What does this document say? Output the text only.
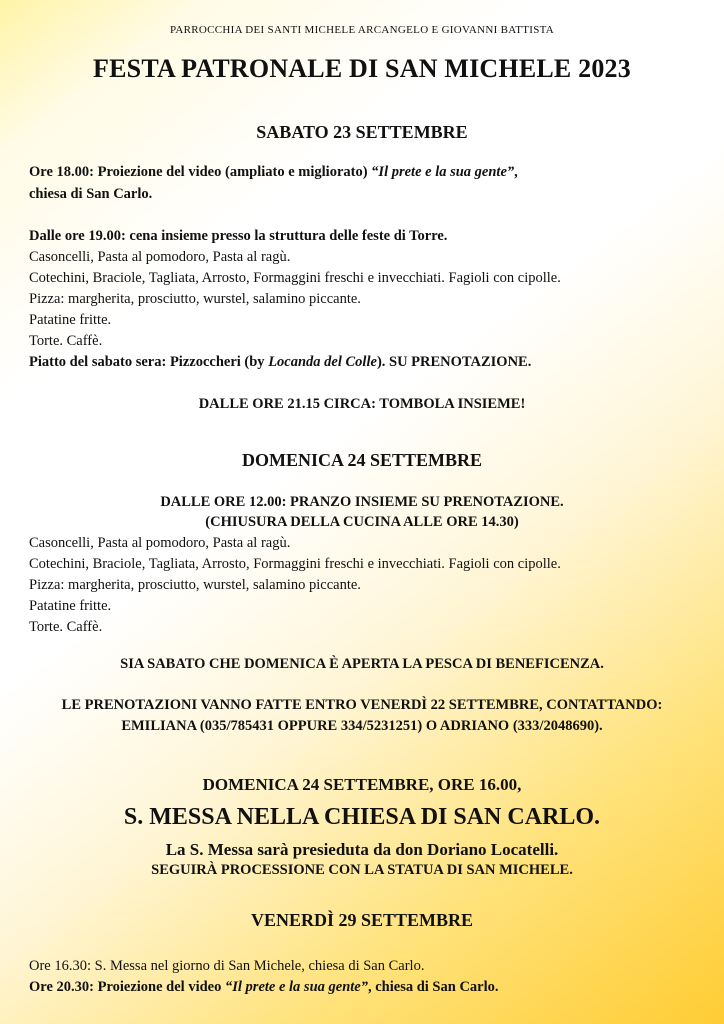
PARROCCHIA DEI SANTI MICHELE ARCANGELO E GIOVANNI BATTISTA
FESTA PATRONALE DI SAN MICHELE 2023
SABATO 23 SETTEMBRE
Ore 18.00: Proiezione del video (ampliato e migliorato) “Il prete e la sua gente”,
chiesa di San Carlo.
Dalle ore 19.00: cena insieme presso la struttura delle feste di Torre.
Casoncelli, Pasta al pomodoro, Pasta al ragù.
Cotechini, Braciole, Tagliata, Arrosto, Formaggini freschi e invecchiati. Fagioli con cipolle.
Pizza: margherita, prosciutto, wurstel, salamino piccante.
Patatine fritte.
Torte. Caffè.
Piatto del sabato sera: Pizzoccheri (by Locanda del Colle). SU PRENOTAZIONE.
DALLE ORE 21.15 CIRCA: TOMBOLA INSIEME!
DOMENICA 24 SETTEMBRE
DALLE ORE 12.00: PRANZO INSIEME SU PRENOTAZIONE.
(CHIUSURA DELLA CUCINA ALLE ORE 14.30)
Casoncelli, Pasta al pomodoro, Pasta al ragù.
Cotechini, Braciole, Tagliata, Arrosto, Formaggini freschi e invecchiati. Fagioli con cipolle.
Pizza: margherita, prosciutto, wurstel, salamino piccante.
Patatine fritte.
Torte. Caffè.
SIA SABATO CHE DOMENICA È APERTA LA PESCA DI BENEFICENZA.
LE PRENOTAZIONI VANNO FATTE ENTRO VENERDÌ 22 SETTEMBRE, CONTATTANDO:
EMILIANA (035/785431 OPPURE 334/5231251) O ADRIANO (333/2048690).
DOMENICA 24 SETTEMBRE, ORE 16.00,
S. MESSA NELLA CHIESA DI SAN CARLO.
La S. Messa sarà presieduta da don Doriano Locatelli.
SEGUIRÀ PROCESSIONE CON LA STATUA DI SAN MICHELE.
VENERDÌ 29 SETTEMBRE
Ore 16.30: S. Messa nel giorno di San Michele, chiesa di San Carlo.
Ore 20.30: Proiezione del video “Il prete e la sua gente”, chiesa di San Carlo.
